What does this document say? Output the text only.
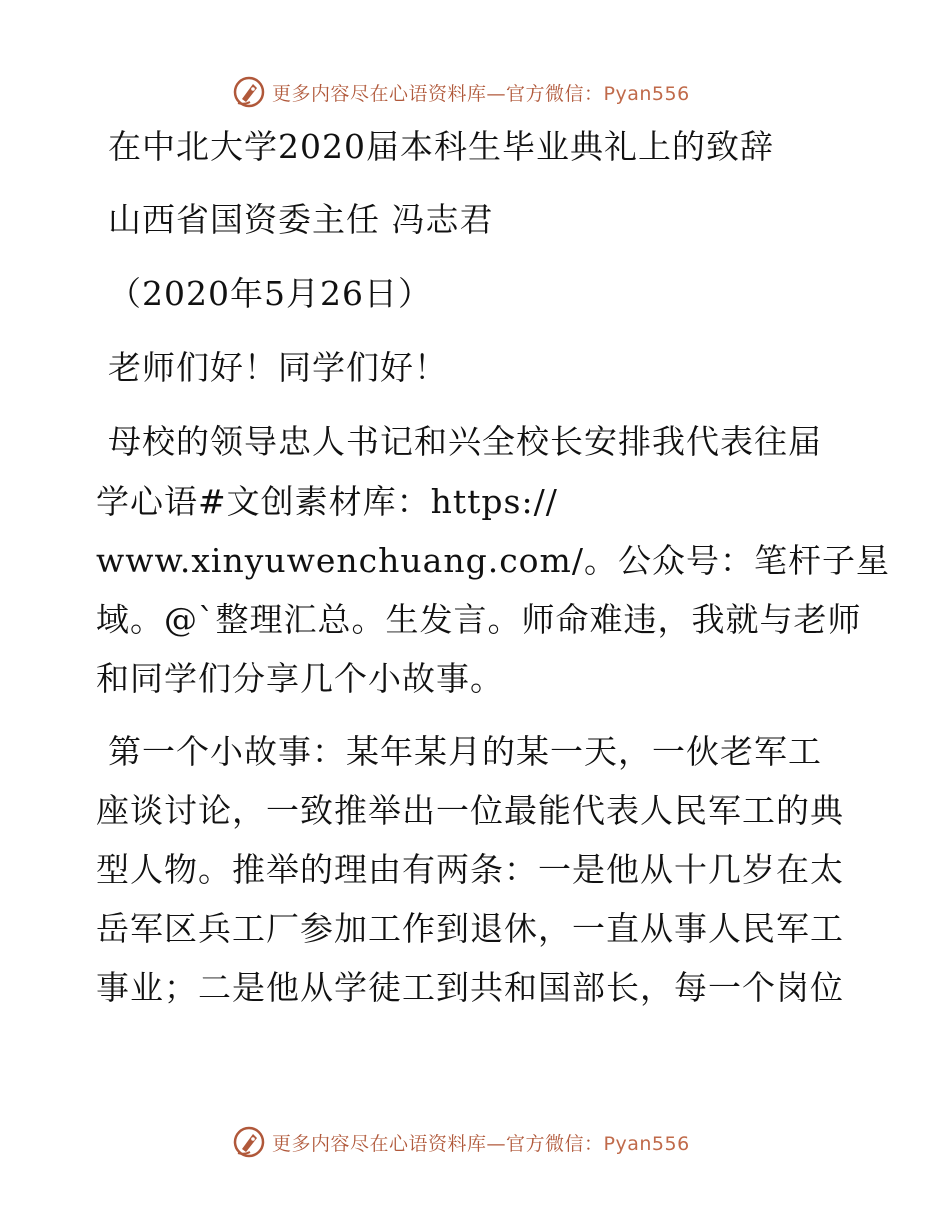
更多内容尽在心语资料库—官方微信：Pyan556
在中北大学2020届本科生毕业典礼上的致辞
山西省国资委主任 冯志君
（2020年5月26日）
老师们好！同学们好！
母校的领导忠人书记和兴全校长安排我代表往届
学心语#文创素材库：https://
www.xinyuwenchuang.com/。公众号：笔杆子星
域。@`整理汇总。生发言。师命难违，我就与老师
和同学们分享几个小故事。
第一个小故事：某年某月的某一天，一伙老军工
座谈讨论，一致推举出一位最能代表人民军工的典
型人物。推举的理由有两条：一是他从十几岁在太
岳军区兵工厂参加工作到退休，一直从事人民军工
事业；二是他从学徒工到共和国部长，每一个岗位
更多内容尽在心语资料库—官方微信：Pyan556
